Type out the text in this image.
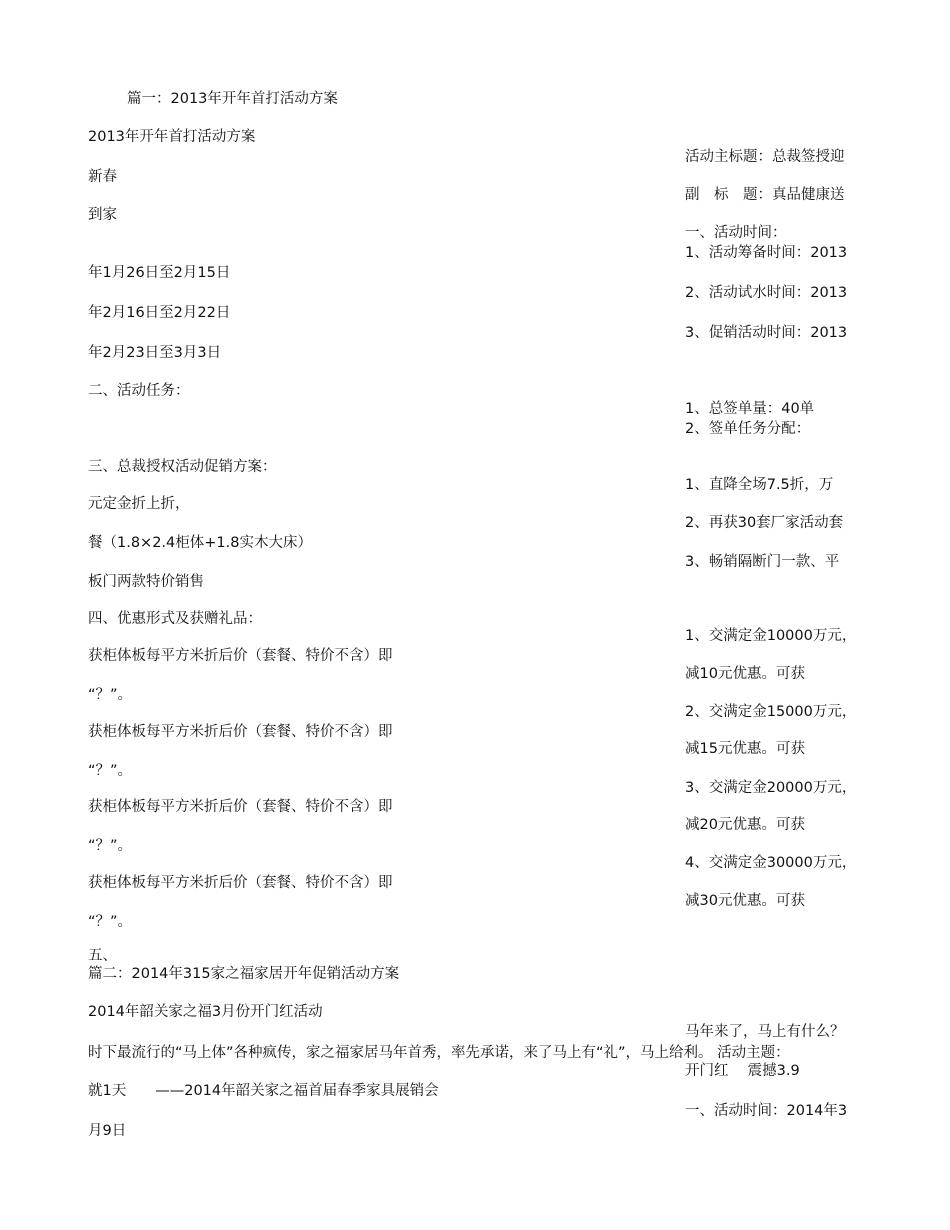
篇一：2013年开年首打活动方案
2013年开年首打活动方案
新春
到家
年1月26日至2月15日
年2月16日至2月22日
年2月23日至3月3日
二、活动任务：
三、总裁授权活动促销方案：
元定金折上折，
餐（1.8×2.4柜体+1.8实木大床）
板门两款特价销售
四、优惠形式及获赠礼品：
获柜体板每平方米折后价（套餐、特价不含）即
“？”。
获柜体板每平方米折后价（套餐、特价不含）即
“？”。
获柜体板每平方米折后价（套餐、特价不含）即
“？”。
获柜体板每平方米折后价（套餐、特价不含）即
“？”。
五、
活动主标题：总裁签授迎
副　标　题：真品健康送
一、活动时间：
1、活动筹备时间：2013
2、活动试水时间：2013
3、促销活动时间：2013
1、总签单量：40单
2、签单任务分配：
1、直降全场7.5折，万
2、再获30套厂家活动套
3、畅销隔断门一款、平
1、交满定金10000万元，
减10元优惠。可获
2、交满定金15000万元，
减15元优惠。可获
3、交满定金20000万元，
减20元优惠。可获
4、交满定金30000万元，
减30元优惠。可获
篇二：2014年315家之福家居开年促销活动方案
2014年韶关家之福3月份开门红活动
马年来了，马上有什么？
时下最流行的“马上体”各种疯传，家之福家居马年首秀，率先承诺，来了马上有“礼”，马上给利。 活动主题：
开门红　 震撼3.9
就1天　　——2014年韶关家之福首届春季家具展销会
一、活动时间：2014年3
月9日
